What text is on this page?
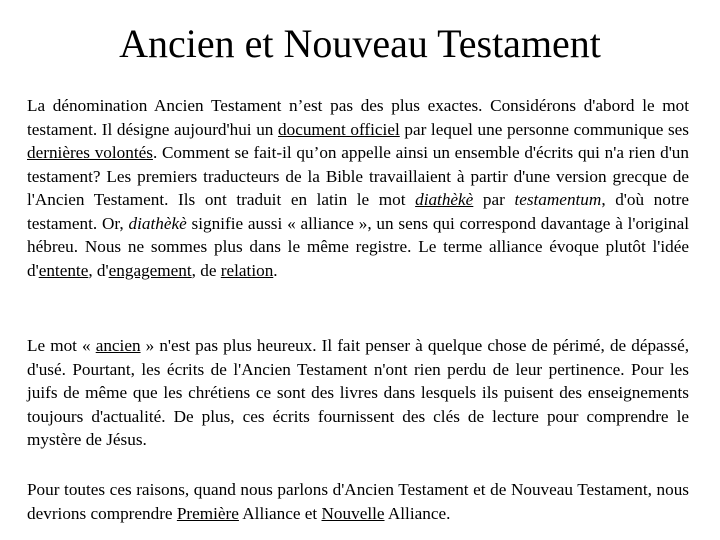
Ancien et Nouveau Testament
La dénomination Ancien Testament n’est pas des plus exactes. Considérons d'abord le mot testament. Il désigne aujourd'hui un document officiel par lequel une personne communique ses dernières volontés. Comment se fait-il qu’on appelle ainsi un ensemble d'écrits qui n'a rien d'un testament? Les premiers traducteurs de la Bible travaillaient à partir d'une version grecque de l'Ancien Testament. Ils ont traduit en latin le mot diathèkè par testamentum, d'où notre testament. Or, diathèkè signifie aussi « alliance », un sens qui correspond davantage à l'original hébreu. Nous ne sommes plus dans le même registre. Le terme alliance évoque plutôt l'idée d'entente, d'engagement, de relation.
Le mot « ancien » n'est pas plus heureux. Il fait penser à quelque chose de périmé, de dépassé, d'usé. Pourtant, les écrits de l'Ancien Testament n'ont rien perdu de leur pertinence. Pour les juifs de même que les chrétiens ce sont des livres dans lesquels ils puisent des enseignements toujours d'actualité. De plus, ces écrits fournissent des clés de lecture pour comprendre le mystère de Jésus.
Pour toutes ces raisons, quand nous parlons d'Ancien Testament et de Nouveau Testament, nous devrions comprendre Première Alliance et Nouvelle Alliance.
